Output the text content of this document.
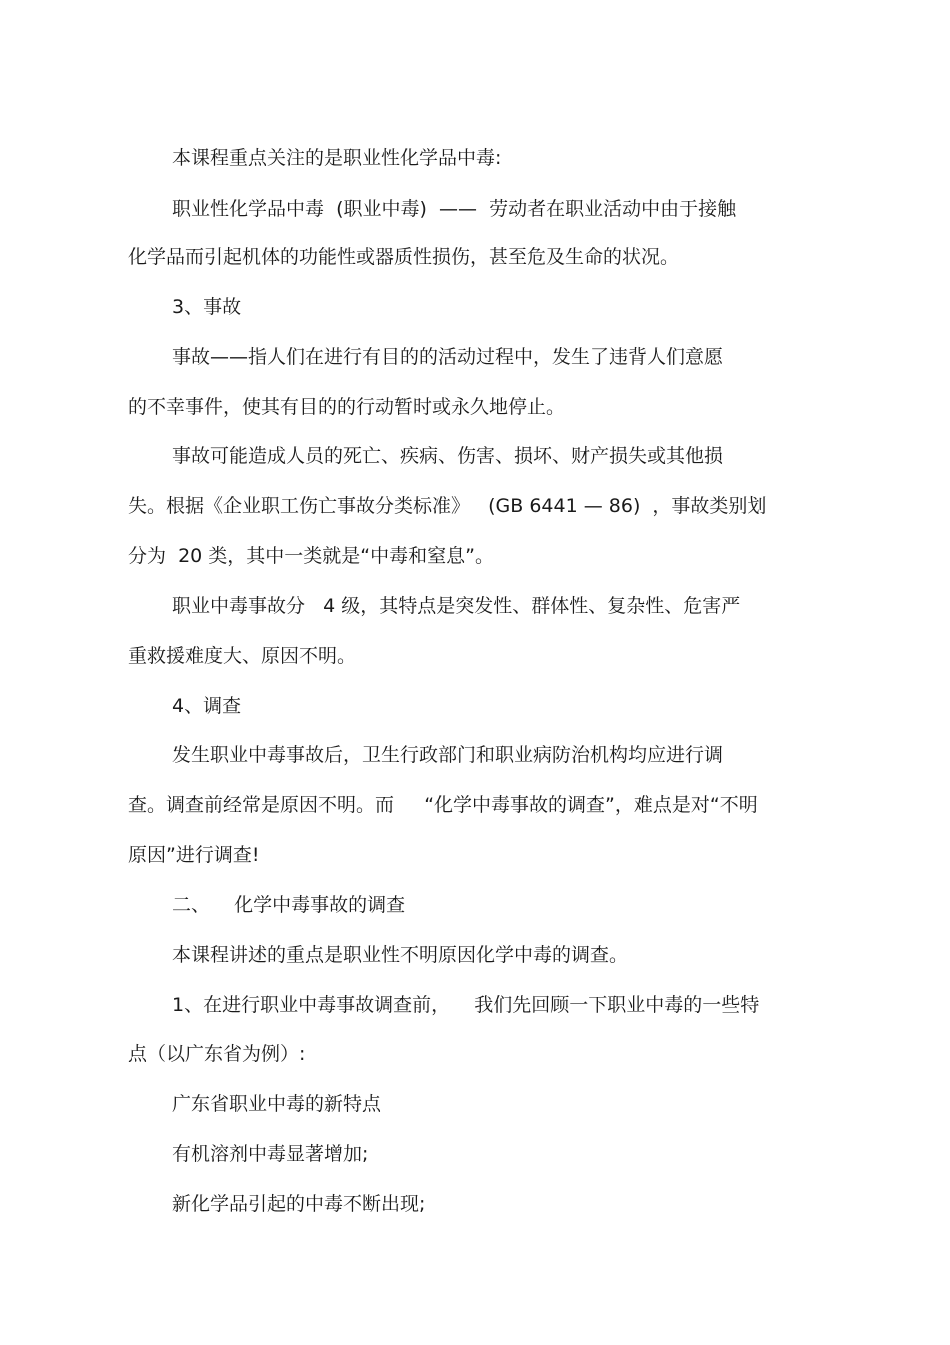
本课程重点关注的是职业性化学品中毒:
职业性化学品中毒  (职业中毒)  ——  劳动者在职业活动中由于接触
化学品而引起机体的功能性或器质性损伤，甚至危及生命的状况。
3、事故
事故——指人们在进行有目的的活动过程中，发生了违背人们意愿
的不幸事件，使其有目的的行动暂时或永久地停止。
事故可能造成人员的死亡、疾病、伤害、损坏、财产损失或其他损
失。根据《企业职工伤亡事故分类标准》   (GB 6441 — 86)  ，事故类别划
分为  20 类，其中一类就是“中毒和窒息”。
职业中毒事故分   4 级，其特点是突发性、群体性、复杂性、危害严
重救援难度大、原因不明。
4、调查
发生职业中毒事故后，卫生行政部门和职业病防治机构均应进行调
查。调查前经常是原因不明。而     “化学中毒事故的调查”，难点是对“不明
原因”进行调查!
二、    化学中毒事故的调查
本课程讲述的重点是职业性不明原因化学中毒的调查。
1、在进行职业中毒事故调查前，    我们先回顾一下职业中毒的一些特
点（以广东省为例）:
广东省职业中毒的新特点
有机溶剂中毒显著增加;
新化学品引起的中毒不断出现;
